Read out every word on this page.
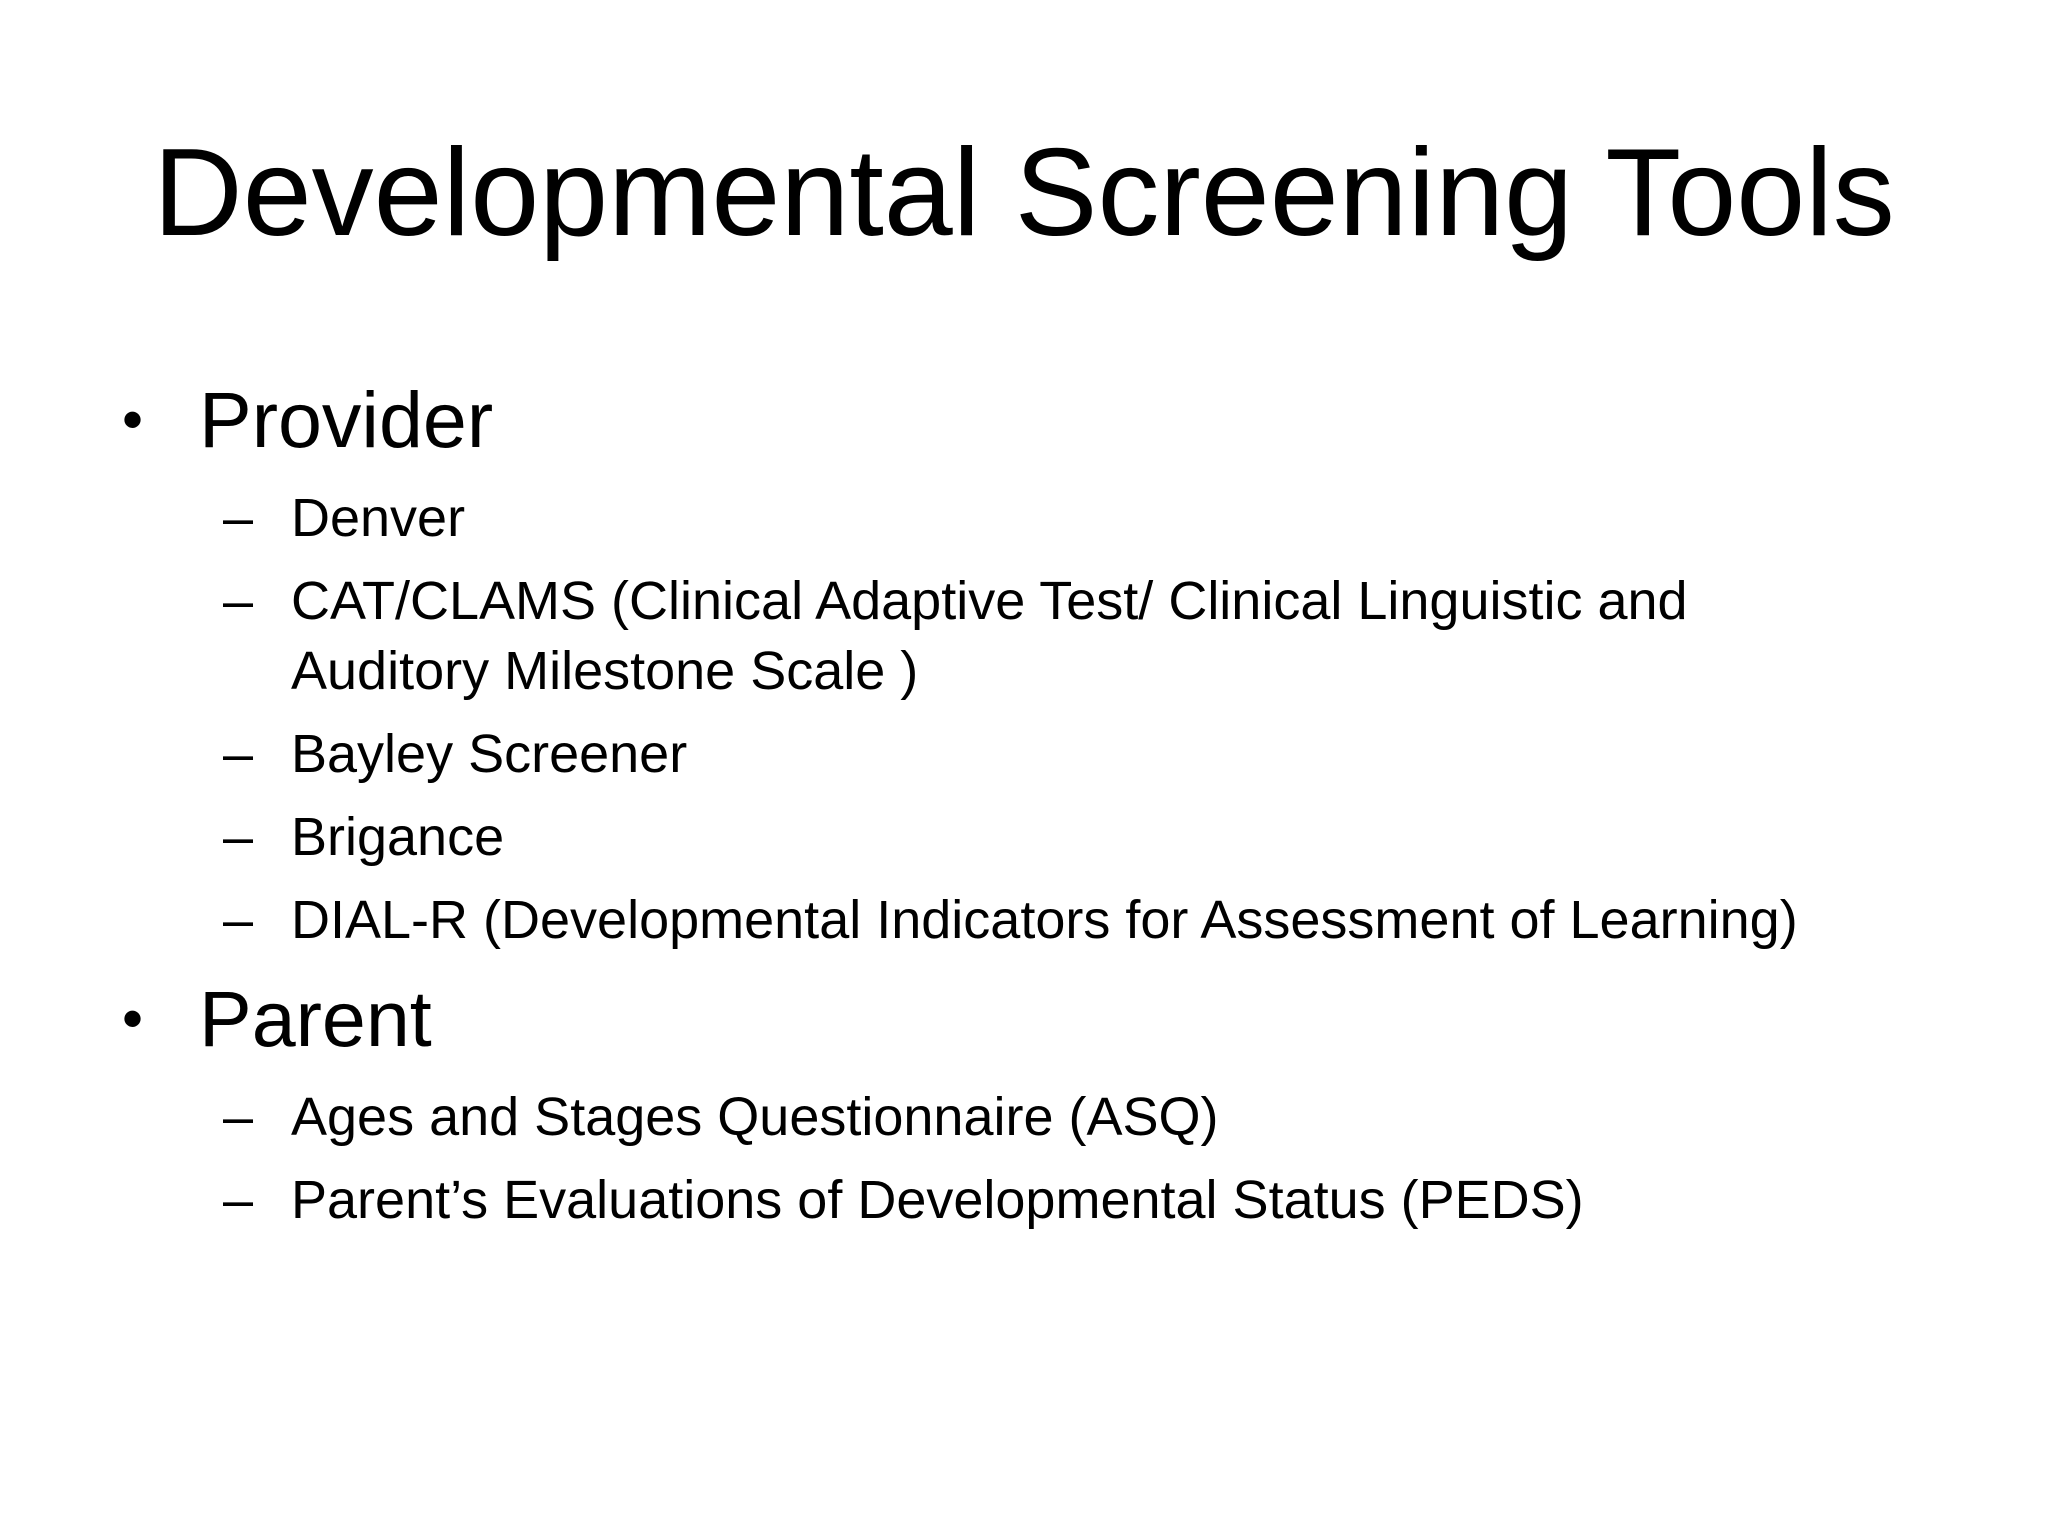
Developmental Screening Tools
• Provider
– Denver
– CAT/CLAMS (Clinical Adaptive Test/ Clinical Linguistic and Auditory Milestone Scale )
– Bayley Screener
– Brigance
– DIAL-R (Developmental Indicators for Assessment of Learning)
• Parent
– Ages and Stages Questionnaire (ASQ)
– Parent’s Evaluations of Developmental Status (PEDS)
